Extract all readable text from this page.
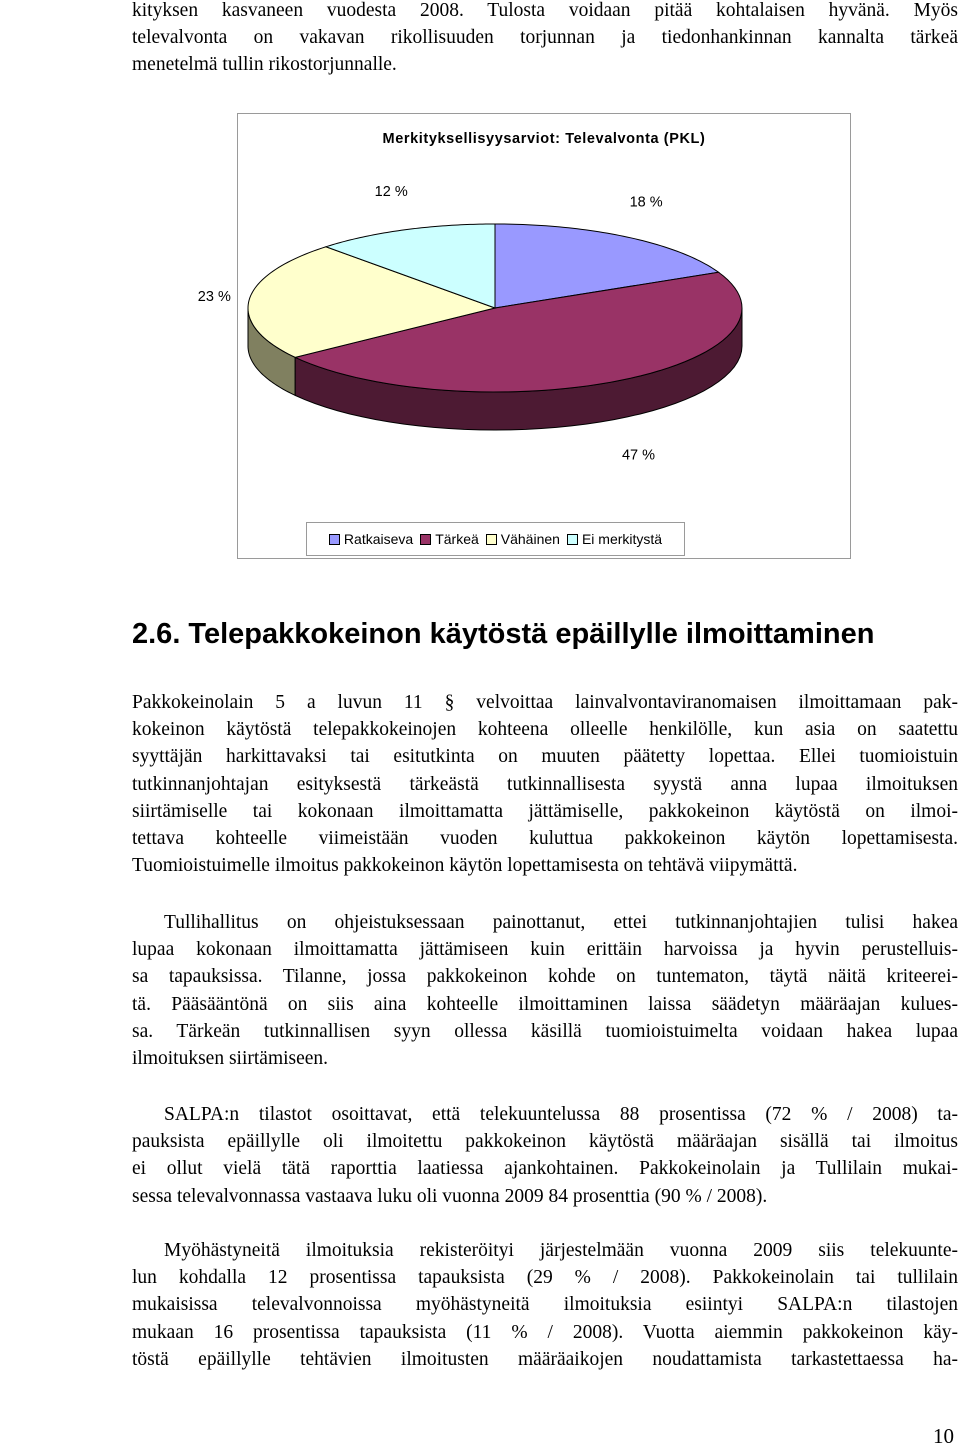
kityksen kasvaneen vuodesta 2008. Tulosta voidaan pitää kohtalaisen hyvänä. Myös
televalvonta on vakavan rikollisuuden torjunnan ja tiedonhankinnan kannalta tärkeä
menetelmä tullin rikostorjunnalle.
Merkityksellisyysarviot: Televalvonta (PKL)
18 %
47 %
23 %
12 %
Ratkaiseva Tärkeä Vähäinen Ei merkitystä
2.6. Telepakkokeinon käytöstä epäillylle ilmoittaminen
Pakkokeinolain 5 a luvun 11 § velvoittaa lainvalvontaviranomaisen ilmoittamaan pak-
kokeinon käytöstä telepakkokeinojen kohteena olleelle henkilölle, kun asia on saatettu
syyttäjän harkittavaksi tai esitutkinta on muuten päätetty lopettaa. Ellei tuomioistuin
tutkinnanjohtajan esityksestä tärkeästä tutkinnallisesta syystä anna lupaa ilmoituksen
siirtämiselle tai kokonaan ilmoittamatta jättämiselle, pakkokeinon käytöstä on ilmoi-
tettava kohteelle viimeistään vuoden kuluttua pakkokeinon käytön lopettamisesta.
Tuomioistuimelle ilmoitus pakkokeinon käytön lopettamisesta on tehtävä viipymättä.
Tullihallitus on ohjeistuksessaan painottanut, ettei tutkinnanjohtajien tulisi hakea
lupaa kokonaan ilmoittamatta jättämiseen kuin erittäin harvoissa ja hyvin perustelluis-
sa tapauksissa. Tilanne, jossa pakkokeinon kohde on tuntematon, täytä näitä kriteerei-
tä. Pääsääntönä on siis aina kohteelle ilmoittaminen laissa säädetyn määräajan kulues-
sa. Tärkeän tutkinnallisen syyn ollessa käsillä tuomioistuimelta voidaan hakea lupaa
ilmoituksen siirtämiseen.
SALPA:n tilastot osoittavat, että telekuuntelussa 88 prosentissa (72 % / 2008) ta-
pauksista epäillylle oli ilmoitettu pakkokeinon käytöstä määräajan sisällä tai ilmoitus
ei ollut vielä tätä raporttia laatiessa ajankohtainen. Pakkokeinolain ja Tullilain mukai-
sessa televalvonnassa vastaava luku oli vuonna 2009 84 prosenttia (90 % / 2008).
Myöhästyneitä ilmoituksia rekisteröityi järjestelmään vuonna 2009 siis telekuunte-
lun kohdalla 12 prosentissa tapauksista (29 % / 2008). Pakkokeinolain tai tullilain
mukaisissa televalvonnoissa myöhästyneitä ilmoituksia esiintyi SALPA:n tilastojen
mukaan 16 prosentissa tapauksista (11 % / 2008). Vuotta aiemmin pakkokeinon käy-
töstä epäillylle tehtävien ilmoitusten määräaikojen noudattamista tarkastettaessa ha-
10
